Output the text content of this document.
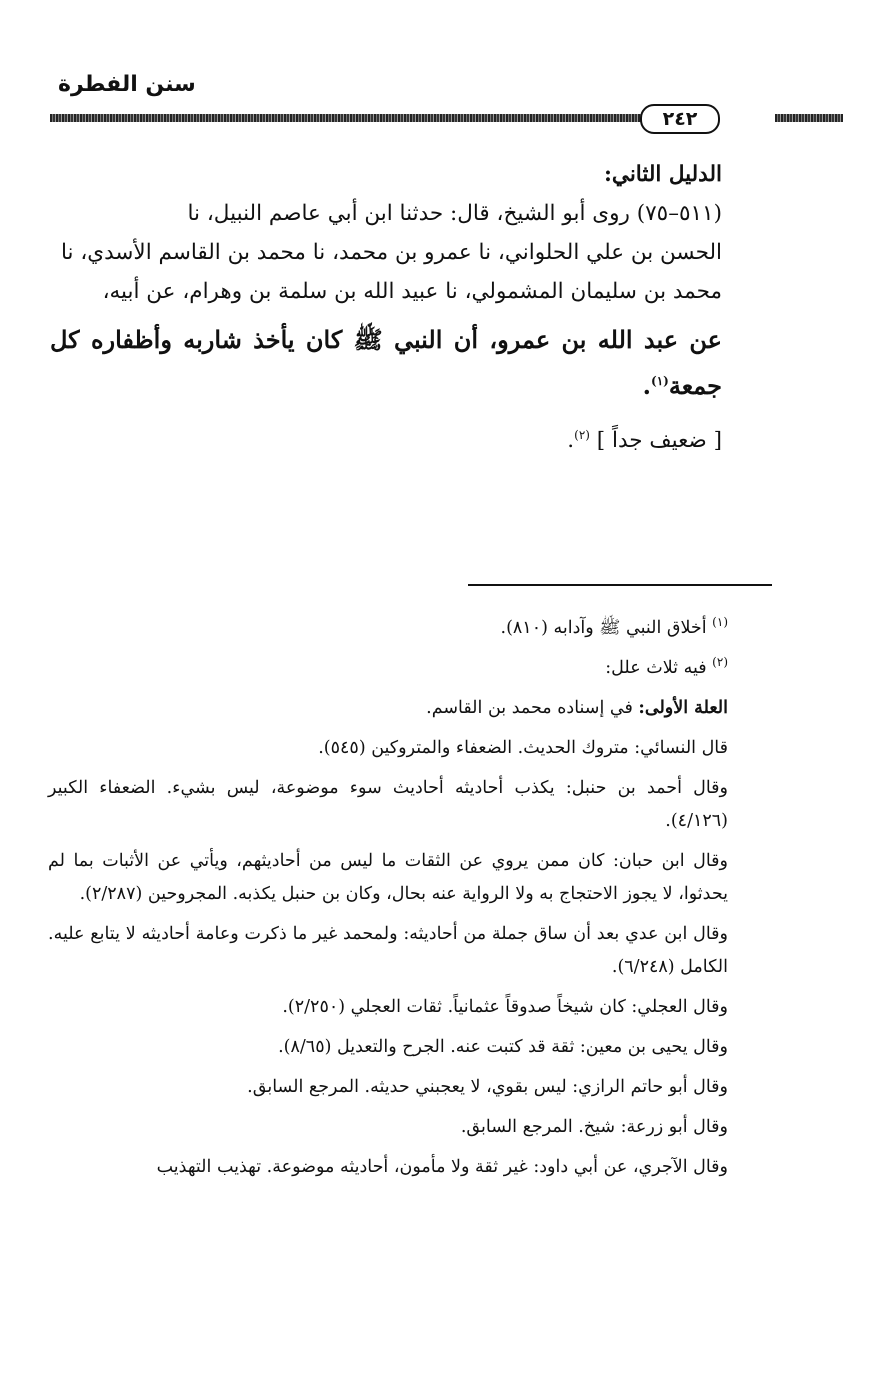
سنن الفطرة
٢٤٢

الدليل الثاني:

(٥١١–٧٥) روى أبو الشيخ، قال: حدثنا ابن أبي عاصم النبيل، نا

الحسن بن علي الحلواني، نا عمرو بن محمد، نا محمد بن القاسم الأسدي، نا

محمد بن سليمان المشمولي، نا عبيد الله بن سلمة بن وهرام، عن أبيه،

عن عبد الله بن عمرو، أن النبي ﷺ كان يأخذ شاربه وأظفاره كل جمعة$^{(١)}$.

[ ضعيف جداً ] $^{(٢)}$.

$^{(١)}$ أخلاق النبي ﷺ وآدابه (٨١٠).

$^{(٢)}$ فيه ثلاث علل:

العلة الأولى: في إسناده محمد بن القاسم.

قال النسائي: متروك الحديث. الضعفاء والمتروكين (٥٤٥).

وقال أحمد بن حنبل: يكذب أحاديثه أحاديث سوء موضوعة، ليس بشيء. الضعفاء الكبير (٤/١٢٦).

وقال ابن حبان: كان ممن يروي عن الثقات ما ليس من أحاديثهم، ويأتي عن الأثبات بما لم يحدثوا، لا يجوز الاحتجاج به ولا الرواية عنه بحال، وكان بن حنبل يكذبه. المجروحين (٢/٢٨٧).

وقال ابن عدي بعد أن ساق جملة من أحاديثه: ولمحمد غير ما ذكرت وعامة أحاديثه لا يتابع عليه. الكامل (٦/٢٤٨).

وقال العجلي: كان شيخاً صدوقاً عثمانياً. ثقات العجلي (٢/٢٥٠).

وقال يحيى بن معين: ثقة قد كتبت عنه. الجرح والتعديل (٨/٦٥).

وقال أبو حاتم الرازي: ليس بقوي، لا يعجبني حديثه. المرجع السابق.

وقال أبو زرعة: شيخ. المرجع السابق.

وقال الآجري، عن أبي داود: غير ثقة ولا مأمون، أحاديثه موضوعة. تهذيب التهذيب
